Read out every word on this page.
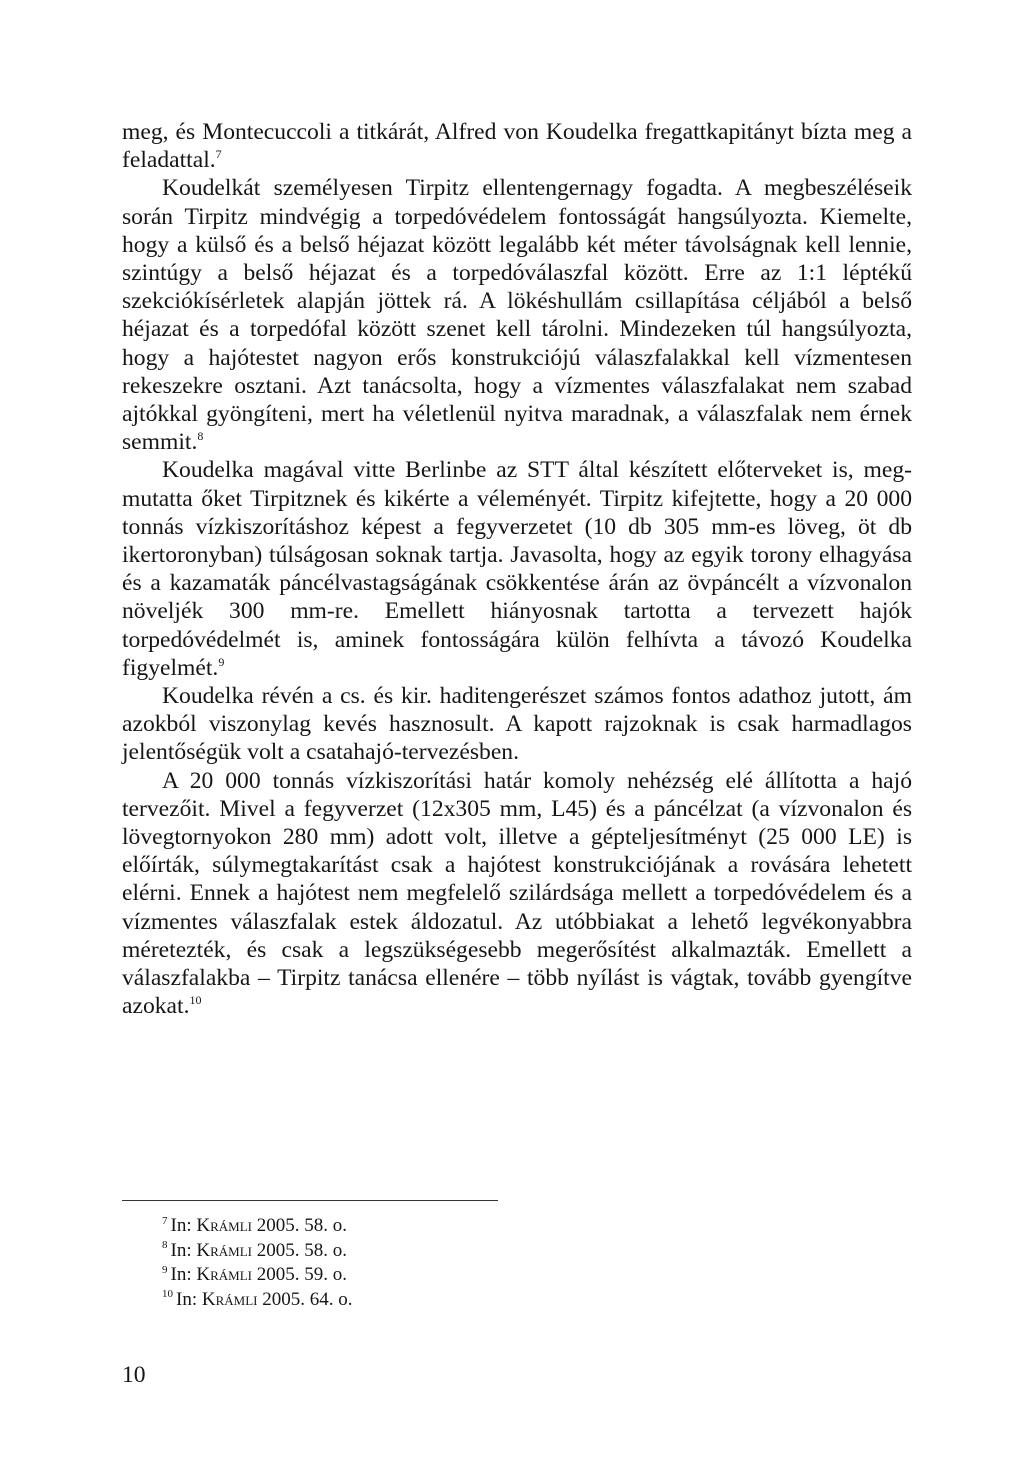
meg, és Montecuccoli a titkárát, Alfred von Koudelka fregattkapitányt bízta meg a feladattal.$^7$

Koudelkát személyesen Tirpitz ellentengernagy fogadta. A megbeszéléseik során Tirpitz mindvégig a torpedóvédelem fontosságát hangsúlyozta. Kiemelte, hogy a külső és a belső héjazat között legalább két méter távolságnak kell lennie, szintúgy a belső héjazat és a torpedóválaszfal között. Erre az 1:1 léptékű szekciókísérletek alapján jöttek rá. A lökéshullám csillapítása céljából a belső héjazat és a torpedófal között szenet kell tárolni. Mindezeken túl hangsúlyozta, hogy a hajótestet nagyon erős konstrukciójú válaszfalakkal kell vízmentesen rekeszekre osztani. Azt tanácsolta, hogy a vízmentes válaszfalakat nem szabad ajtókkal gyöngíteni, mert ha véletlenül nyitva maradnak, a válaszfalak nem érnek semmit.$^8$

Koudelka magával vitte Berlinbe az STT által készített előterveket is, megmutatta őket Tirpitznek és kikérte a véleményét. Tirpitz kifejtette, hogy a 20 000 tonnás vízkiszorításhoz képest a fegyverzetet (10 db 305 mm-es löveg, öt db ikertoronyban) túlságosan soknak tartja. Javasolta, hogy az egyik torony elhagyása és a kazamaták páncélvastagságának csökkentése árán az övpáncélt a vízvonalon növeljék 300 mm-re. Emellett hiányosnak tartotta a tervezett hajók torpedóvédelmét is, aminek fontosságára külön felhívta a távozó Koudelka figyelmét.$^9$

Koudelka révén a cs. és kir. haditengerészet számos fontos adathoz jutott, ám azokból viszonylag kevés hasznosult. A kapott rajzoknak is csak harmadlagos jelentőségük volt a csatahajó-tervezésben.

A 20 000 tonnás vízkiszorítási határ komoly nehézség elé állította a hajó tervezőit. Mivel a fegyverzet (12x305 mm, L45) és a páncélzat (a vízvonalon és lövegtornyokon 280 mm) adott volt, illetve a gépteljesítményt (25 000 LE) is előírták, súlymegtakarítást csak a hajótest konstrukciójának a rovására lehetett elérni. Ennek a hajótest nem megfelelő szilárdsága mellett a torpedóvédelem és a vízmentes válaszfalak estek áldozatul. Az utóbbiakat a lehető legvékonyabbra méretezték, és csak a legszükségesebb megerősítést alkalmazták. Emellett a válaszfalakba – Tirpitz tanácsa ellenére – több nyílást is vágtak, tovább gyengítve azokat.$^{10}$

$^7$ In: Krámli 2005. 58. o.
$^8$ In: Krámli 2005. 58. o.
$^9$ In: Krámli 2005. 59. o.
$^{10}$ In: Krámli 2005. 64. o.
10
